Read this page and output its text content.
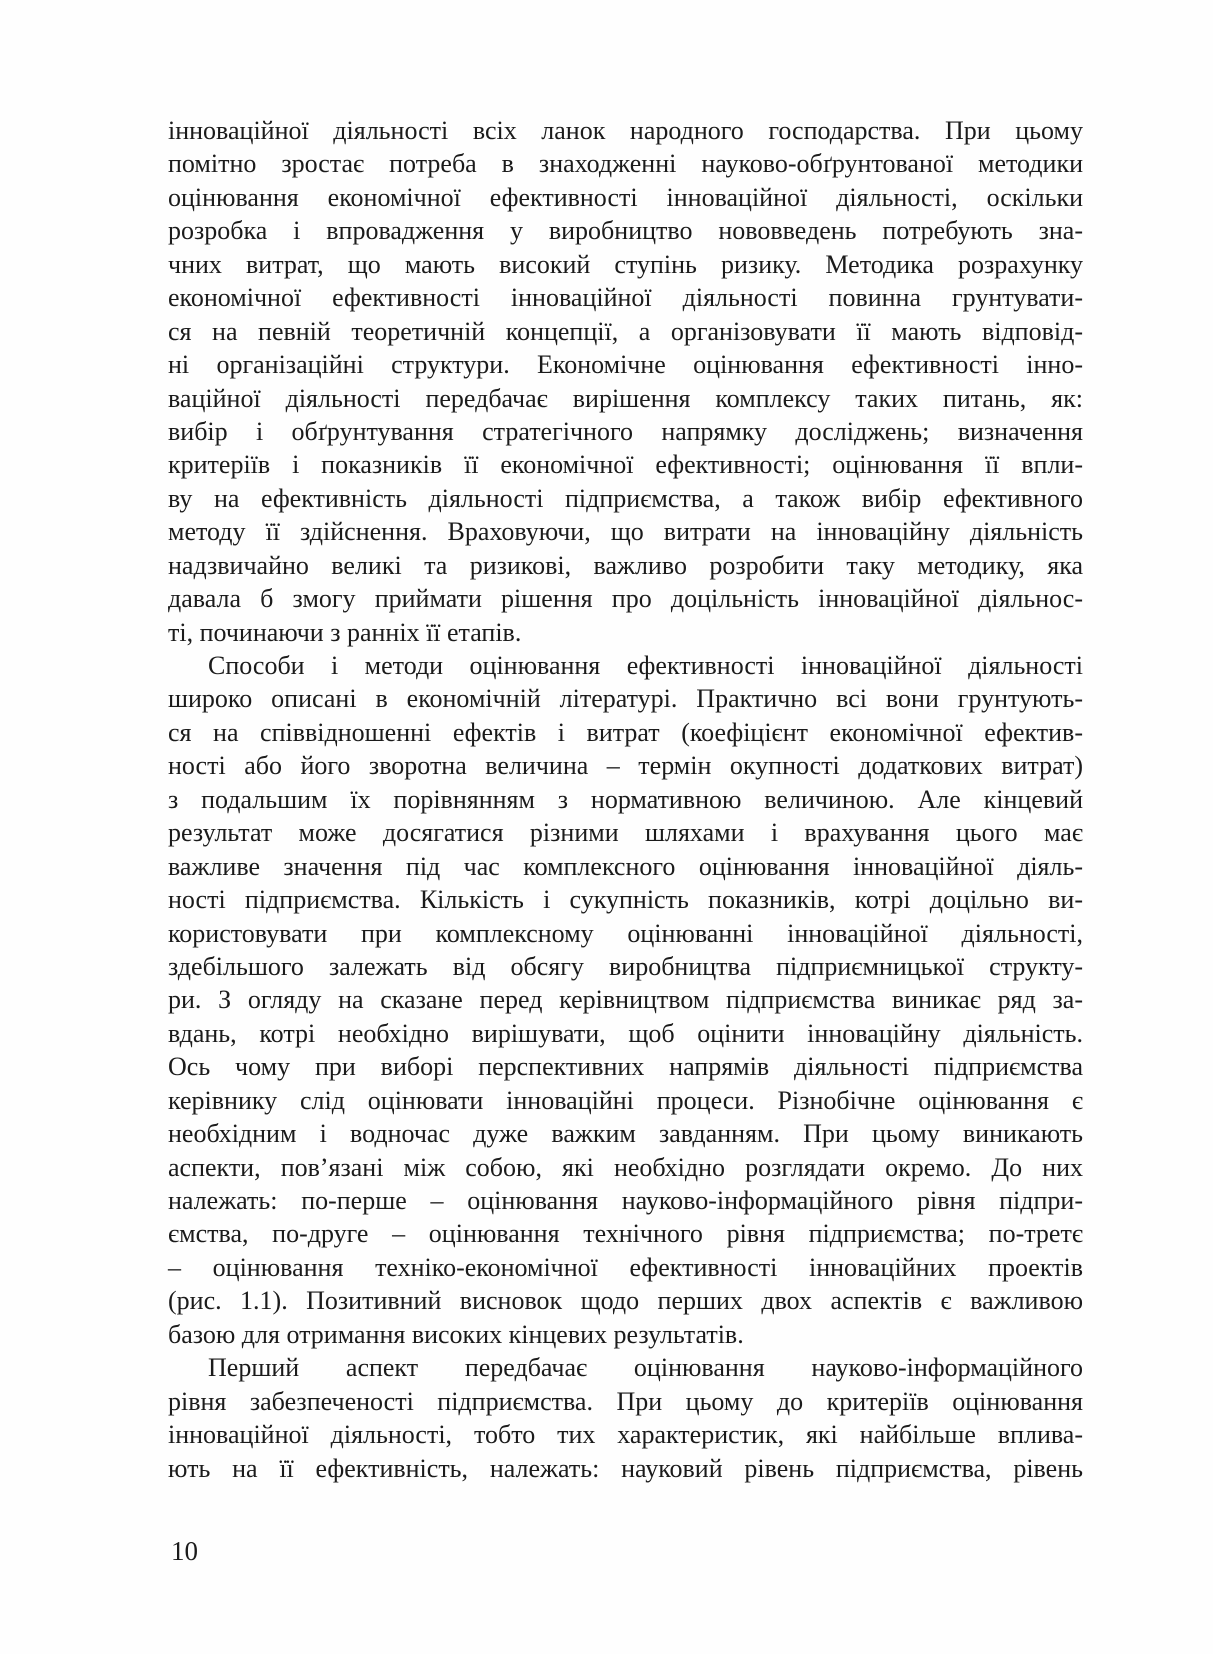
інноваційної діяльності всіх ланок народного господарства. При цьому
помітно зростає потреба в знаходженні науково-обґрунтованої методики
оцінювання економічної ефективності інноваційної діяльності, оскільки
розробка і впровадження у виробництво нововведень потребують зна-
чних витрат, що мають високий ступінь ризику. Методика розрахунку
економічної ефективності інноваційної діяльності повинна грунтувати-
ся на певній теоретичній концепції, а організовувати її мають відповід-
ні організаційні структури. Економічне оцінювання ефективності інно-
ваційної діяльності передбачає вирішення комплексу таких питань, як:
вибір і обґрунтування стратегічного напрямку досліджень; визначення
критеріїв і показників її економічної ефективності; оцінювання її впли-
ву на ефективність діяльності підприємства, а також вибір ефективного
методу її здійснення. Враховуючи, що витрати на інноваційну діяльність
надзвичайно великі та ризикові, важливо розробити таку методику, яка
давала б змогу приймати рішення про доцільність інноваційної діяльнос-
ті, починаючи з ранніх її етапів.
Способи і методи оцінювання ефективності інноваційної діяльності
широко описані в економічній літературі. Практично всі вони грунтують-
ся на співвідношенні ефектів і витрат (коефіцієнт економічної ефектив-
ності або його зворотна величина – термін окупності додаткових витрат)
з подальшим їх порівнянням з нормативною величиною. Але кінцевий
результат може досягатися різними шляхами і врахування цього має
важливе значення під час комплексного оцінювання інноваційної діяль-
ності підприємства. Кількість і сукупність показників, котрі доцільно ви-
користовувати при комплексному оцінюванні інноваційної діяльності,
здебільшого залежать від обсягу виробництва підприємницької структу-
ри. З огляду на сказане перед керівництвом підприємства виникає ряд за-
вдань, котрі необхідно вирішувати, щоб оцінити інноваційну діяльність.
Ось чому при виборі перспективних напрямів діяльності підприємства
керівнику слід оцінювати інноваційні процеси. Різнобічне оцінювання є
необхідним і водночас дуже важким завданням. При цьому виникають
аспекти, пов’язані між собою, які необхідно розглядати окремо. До них
належать: по-перше – оцінювання науково-інформаційного рівня підпри-
ємства, по-друге – оцінювання технічного рівня підприємства; по-третє
– оцінювання техніко-економічної ефективності інноваційних проектів
(рис. 1.1). Позитивний висновок щодо перших двох аспектів є важливою
базою для отримання високих кінцевих результатів.
Перший аспект передбачає оцінювання науково-інформаційного
рівня забезпеченості підприємства. При цьому до критеріїв оцінювання
інноваційної діяльності, тобто тих характеристик, які найбільше вплива-
ють на її ефективність, належать: науковий рівень підприємства, рівень
10
